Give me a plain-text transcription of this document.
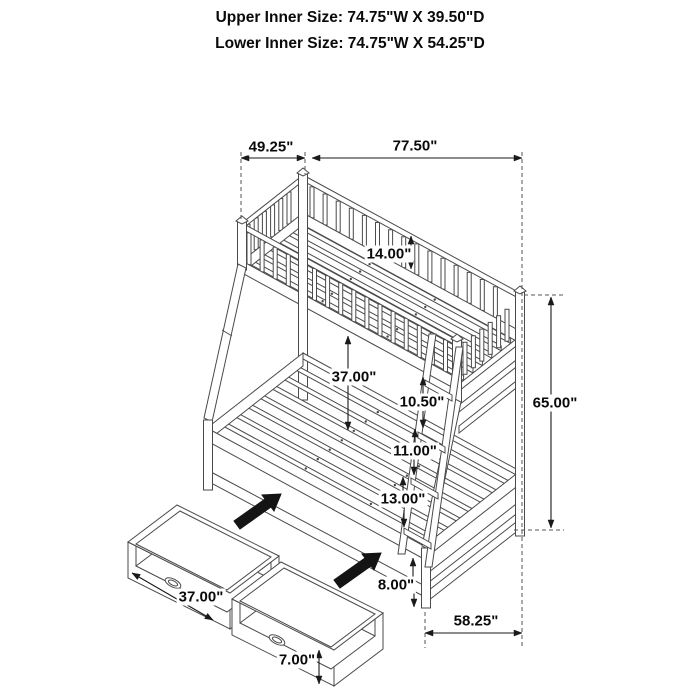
Upper Inner Size: 74.75"W X 39.50"D
Lower Inner Size: 74.75"W X 54.25"D
49.25"	77.50"
14.00"
37.00"
10.50"
11.00"
13.00"
8.00"
65.00"
58.25"
37.00"
7.00"
